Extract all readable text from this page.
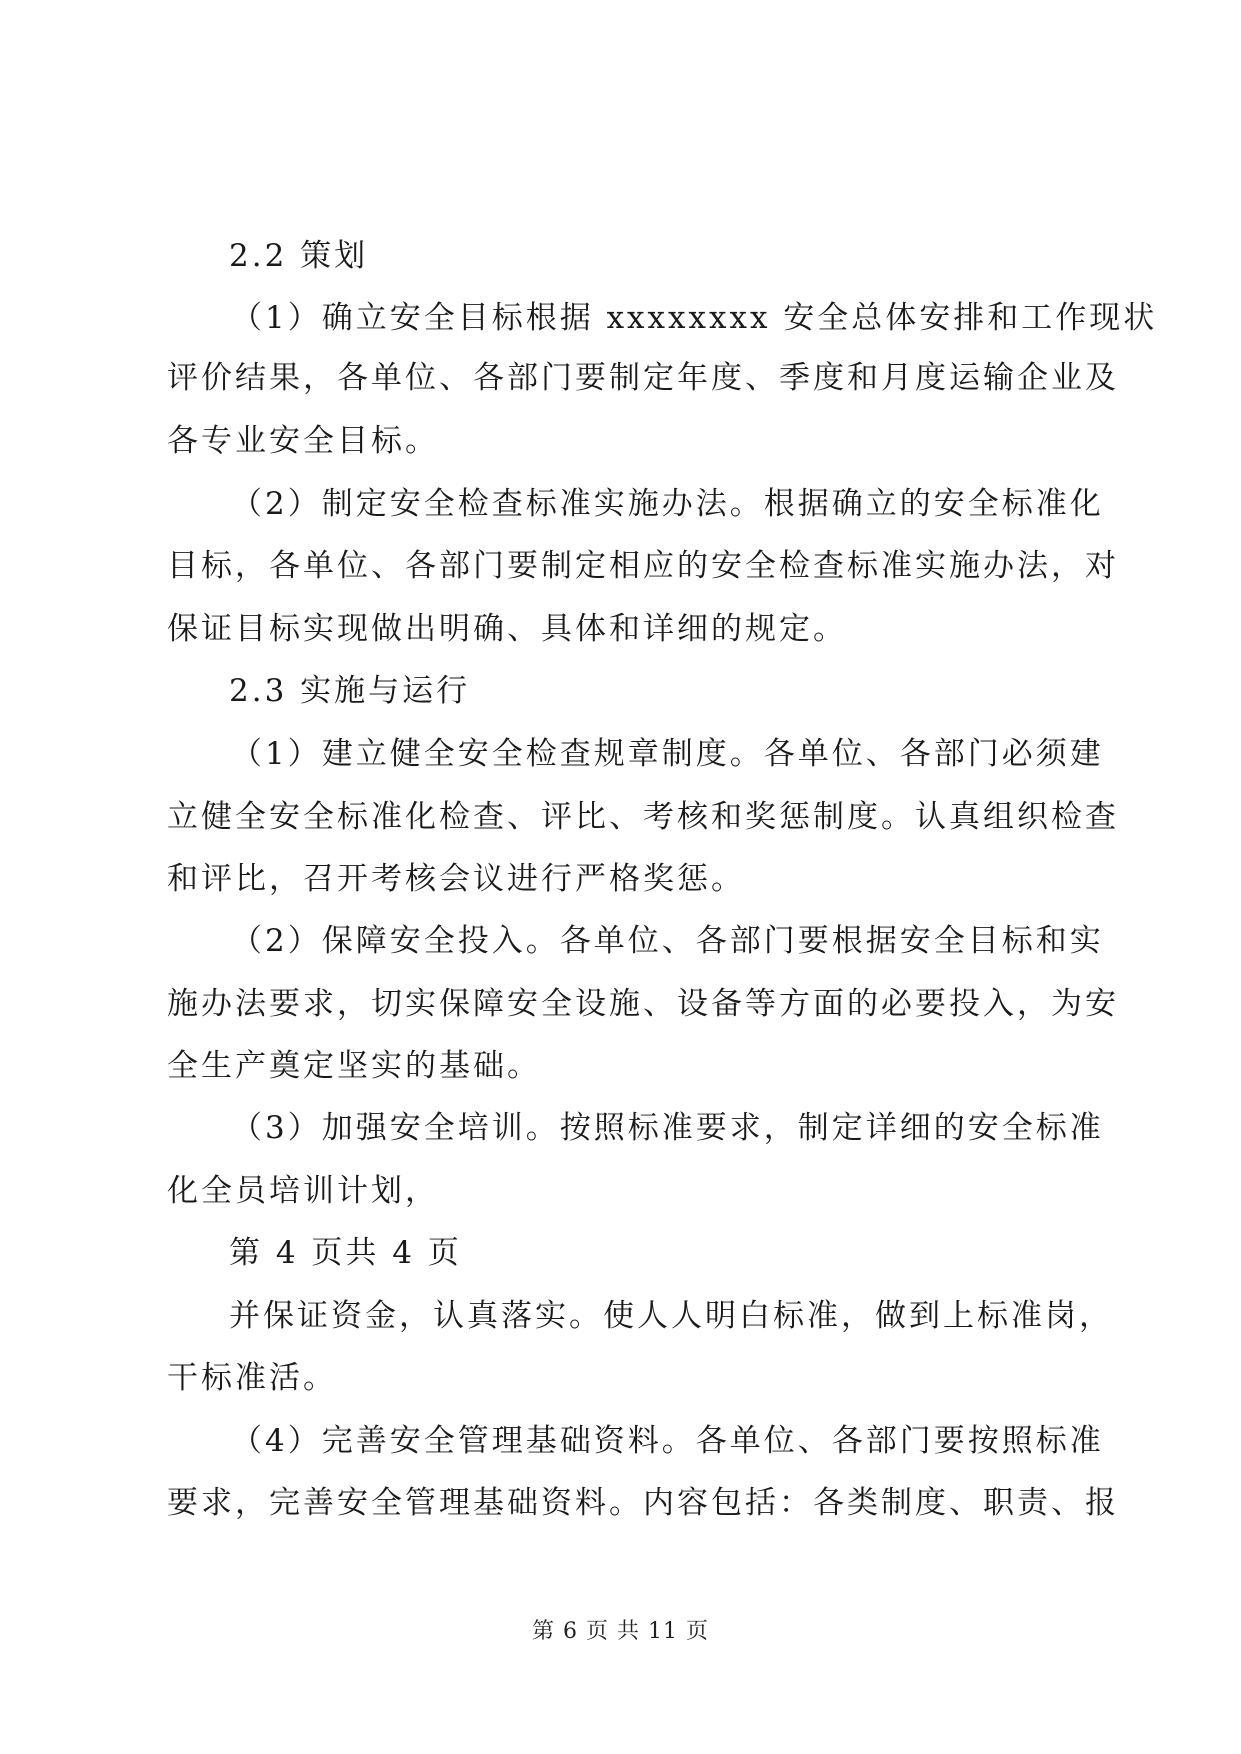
2.2 策划
（1）确立安全目标根据 xxxxxxxx 安全总体安排和工作现状
评价结果，各单位、各部门要制定年度、季度和月度运输企业及
各专业安全目标。
（2）制定安全检查标准实施办法。根据确立的安全标准化
目标，各单位、各部门要制定相应的安全检查标准实施办法，对
保证目标实现做出明确、具体和详细的规定。
2.3 实施与运行
（1）建立健全安全检查规章制度。各单位、各部门必须建
立健全安全标准化检查、评比、考核和奖惩制度。认真组织检查
和评比，召开考核会议进行严格奖惩。
（2）保障安全投入。各单位、各部门要根据安全目标和实
施办法要求，切实保障安全设施、设备等方面的必要投入，为安
全生产奠定坚实的基础。
（3）加强安全培训。按照标准要求，制定详细的安全标准
化全员培训计划，
第 4 页共 4 页
并保证资金，认真落实。使人人明白标准，做到上标准岗，
干标准活。
（4）完善安全管理基础资料。各单位、各部门要按照标准
要求，完善安全管理基础资料。内容包括：各类制度、职责、报
第 6 页 共 11 页
